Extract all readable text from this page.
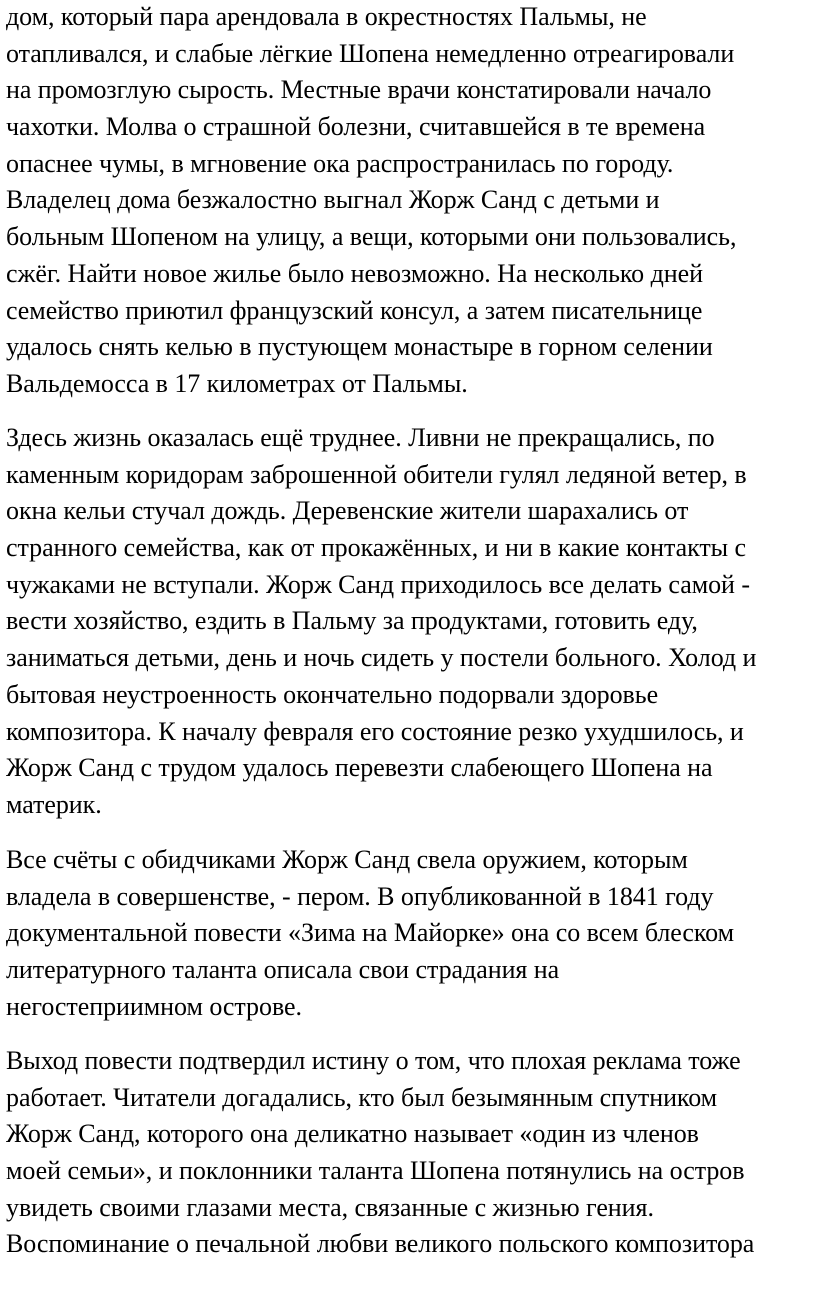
дом, который пара арендовала в окрестностях Пальмы, не
отапливался, и слабые лёгкие Шопена немедленно отреагировали
на промозглую сырость. Местные врачи констатировали начало
чахотки. Молва о страшной болезни, считавшейся в те времена
опаснее чумы, в мгновение ока распространилась по городу.
Владелец дома безжалостно выгнал Жорж Санд с детьми и
больным Шопеном на улицу, а вещи, которыми они пользовались,
сжёг. Найти новое жилье было невозможно. На несколько дней
семейство приютил французский консул, а затем писательнице
удалось снять келью в пустующем монастыре в горном селении
Вальдемосса в 17 километрах от Пальмы.
Здесь жизнь оказалась ещё труднее. Ливни не прекращались, по
каменным коридорам заброшенной обители гулял ледяной ветер, в
окна кельи стучал дождь. Деревенские жители шарахались от
странного семейства, как от прокажённых, и ни в какие контакты с
чужаками не вступали. Жорж Санд приходилось все делать самой -
вести хозяйство, ездить в Пальму за продуктами, готовить еду,
заниматься детьми, день и ночь сидеть у постели больного. Холод и
бытовая неустроенность окончательно подорвали здоровье
композитора. К началу февраля его состояние резко ухудшилось, и
Жорж Санд с трудом удалось перевезти слабеющего Шопена на
материк.
Все счёты с обидчиками Жорж Санд свела оружием, которым
владела в совершенстве, - пером. В опубликованной в 1841 году
документальной повести «Зима на Майорке» она со всем блеском
литературного таланта описала свои страдания на
негостеприимном острове.
Выход повести подтвердил истину о том, что плохая реклама тоже
работает. Читатели догадались, кто был безымянным спутником
Жорж Санд, которого она деликатно называет «один из членов
моей семьи», и поклонники таланта Шопена потянулись на остров
увидеть своими глазами места, связанные с жизнью гения.
Воспоминание о печальной любви великого польского композитора
